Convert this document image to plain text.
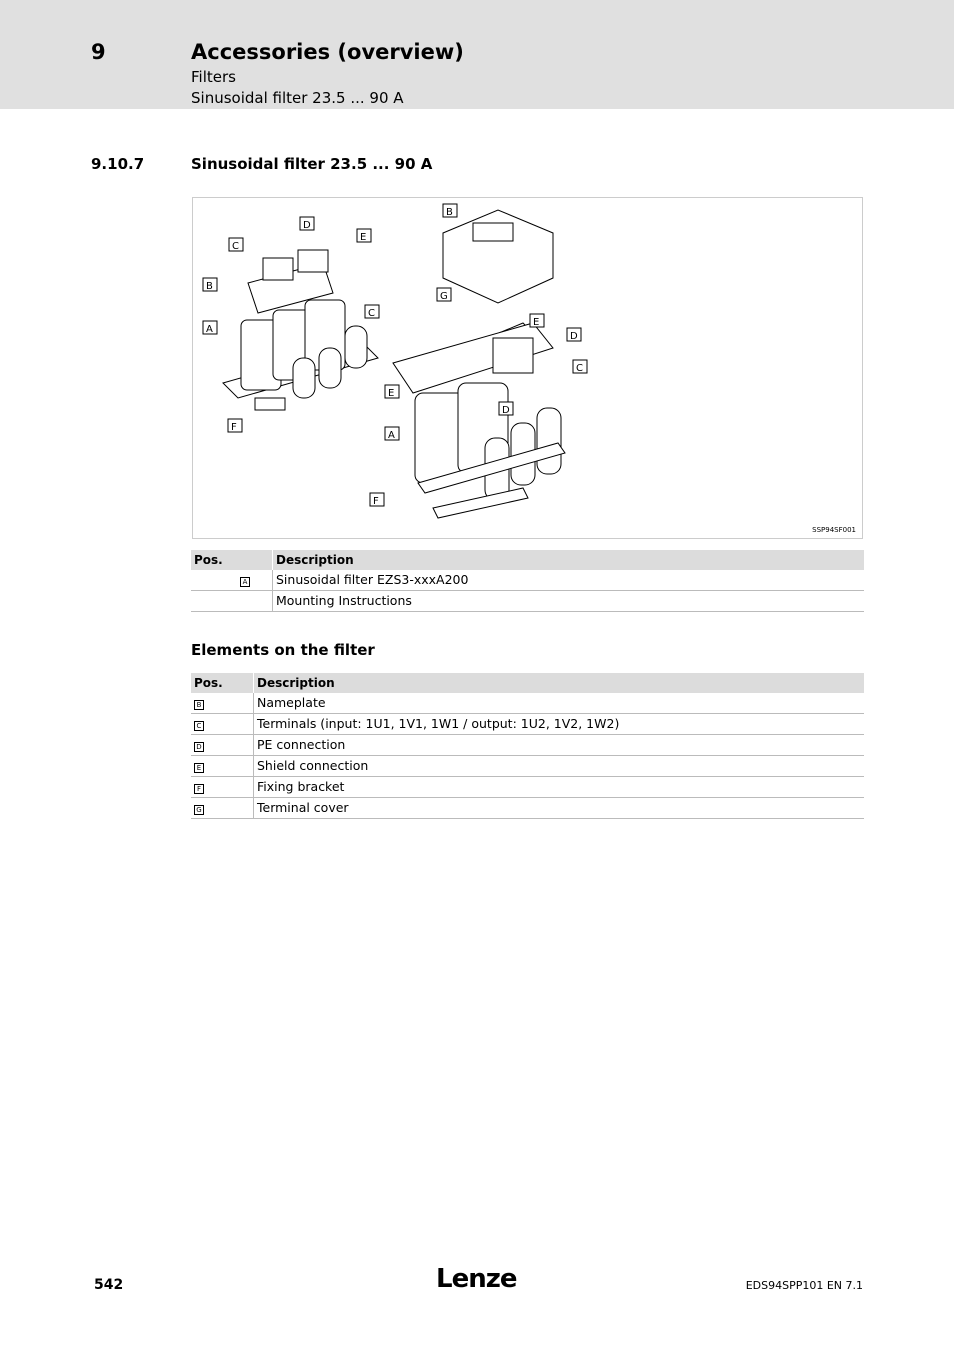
9	Accessories (overview)
Filters
Sinusoidal filter 23.5 ... 90 A
9.10.7	Sinusoidal filter 23.5 ... 90 A
C
D
E
B
C
A
F
B
G
E
D
C
E
D
A
F
SSP94SF001
Pos.	Description
A	Sinusoidal filter EZS3-xxxA200
	Mounting Instructions
Elements on the filter
Pos.	Description
B	Nameplate
C	Terminals (input: 1U1, 1V1, 1W1 / output: 1U2, 1V2, 1W2)
D	PE connection
E	Shield connection
F	Fixing bracket
G	Terminal cover
542	Lenze	EDS94SPP101 EN 7.1
